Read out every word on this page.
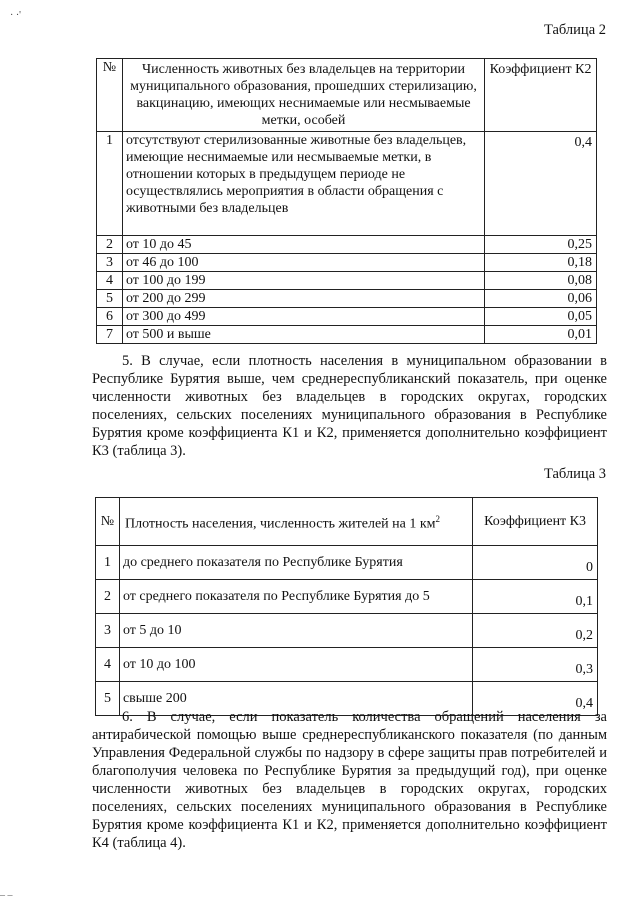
· ·'
Таблица 2
№	Численность животных без владельцев на территории муниципального образования, прошедших стерилизацию, вакцинацию, имеющих неснимаемые или несмываемые метки, особей	Коэффициент К2
1	отсутствуют стерилизованные животные без владельцев, имеющие неснимаемые или несмываемые метки, в отношении которых в предыдущем периоде не осуществлялись мероприятия в области обращения с животными без владельцев	0,4
2	от 10 до 45	0,25
3	от 46 до 100	0,18
4	от 100 до 199	0,08
5	от 200 до 299	0,06
6	от 300 до 499	0,05
7	от 500 и выше	0,01

5. В случае, если плотность населения в муниципальном образовании в Республике Бурятия выше, чем среднереспубликанский показатель, при оценке численности животных без владельцев в городских округах, городских поселениях, сельских поселениях муниципального образования в Республике Бурятия кроме коэффициента К1 и К2, применяется дополнительно коэффициент К3 (таблица 3).

Таблица 3
№	Плотность населения, численность жителей на 1 $км^2$	Коэффициент К3
1	до среднего показателя по Республике Бурятия	0
2	от среднего показателя по Республике Бурятия до 5	0,1
3	от 5 до 10	0,2
4	от 10 до 100	0,3
5	свыше 200	0,4

6. В случае, если показатель количества обращений населения за антирабической помощью выше среднереспубликанского показателя (по данным Управления Федеральной службы по надзору в сфере защиты прав потребителей и благополучия человека по Республике Бурятия за предыдущий год), при оценке численности животных без владельцев в городских округах, городских поселениях, сельских поселениях муниципального образования в Республике Бурятия кроме коэффициента К1 и К2, применяется дополнительно коэффициент К4 (таблица 4).

– –
